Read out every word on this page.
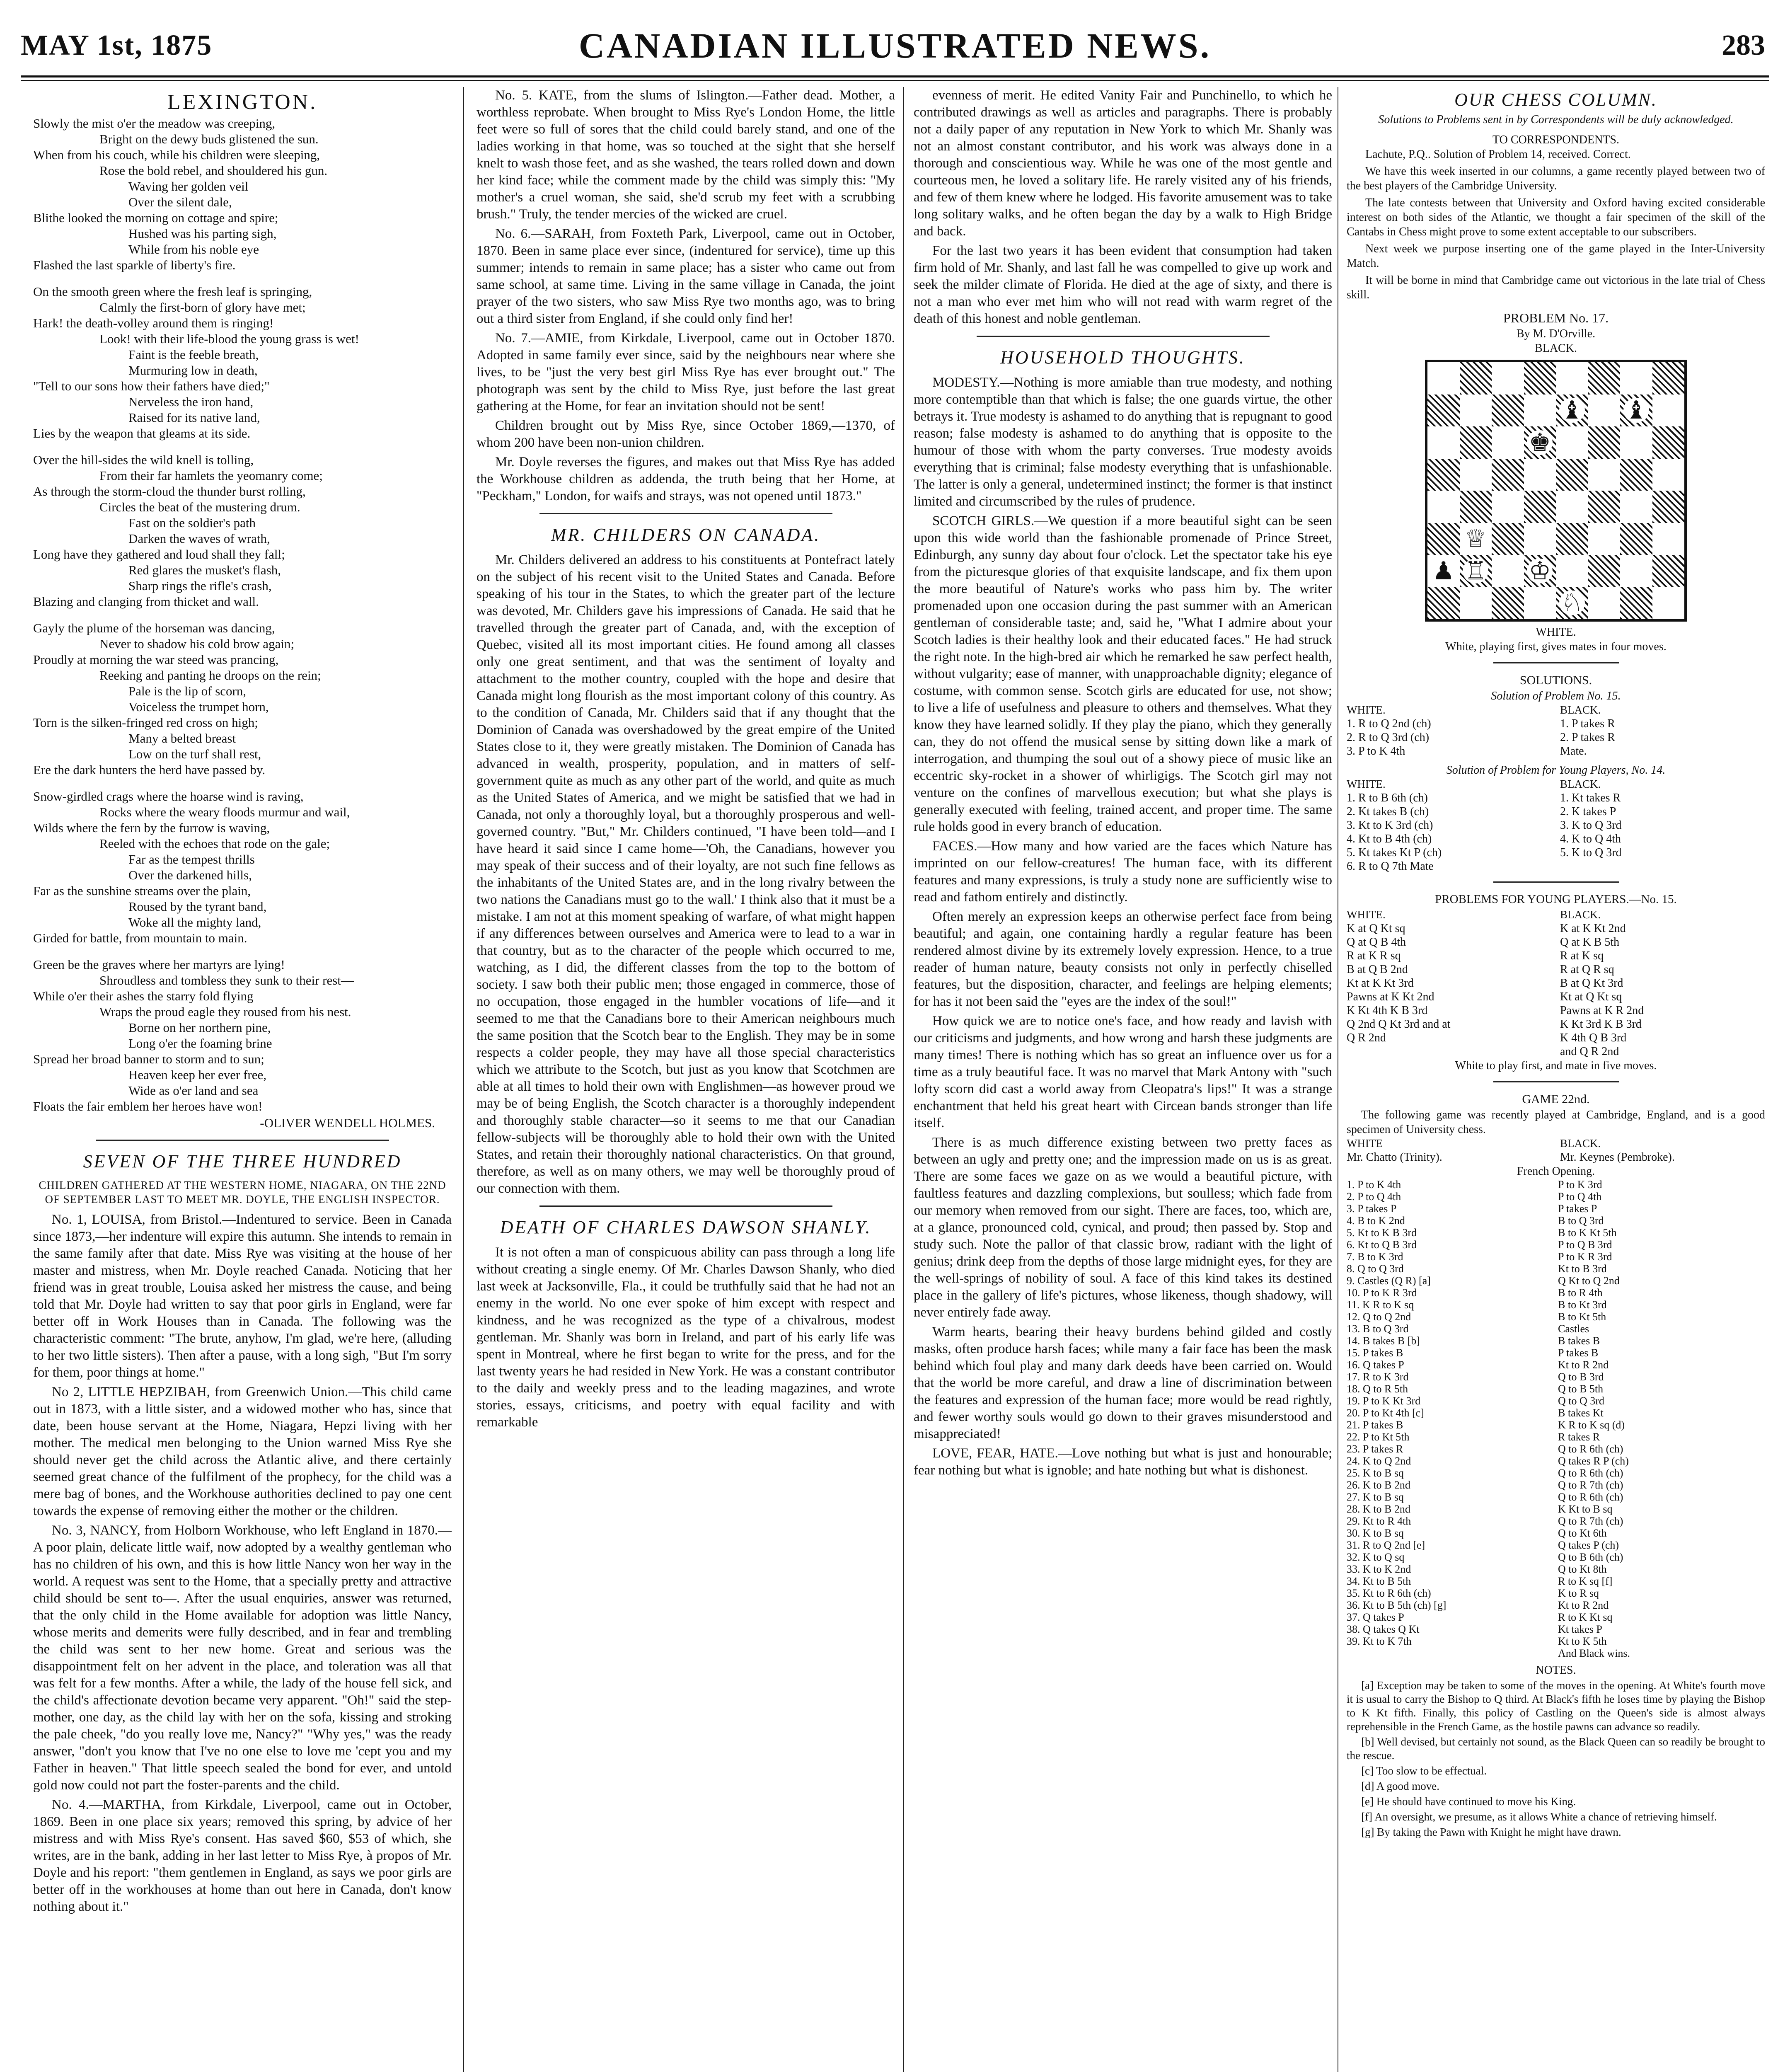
MAY 1st, 1875	CANADIAN ILLUSTRATED NEWS.	283
LEXINGTON.

Slowly the mist o'er the meadow was creeping,

Bright on the dewy buds glistened the sun.

When from his couch, while his children were sleeping,

Rose the bold rebel, and shouldered his gun.

Waving her golden veil

Over the silent dale,

Blithe looked the morning on cottage and spire;

Hushed was his parting sigh,

While from his noble eye

Flashed the last sparkle of liberty's fire.

On the smooth green where the fresh leaf is springing,

Calmly the first-born of glory have met;

Hark! the death-volley around them is ringing!

Look! with their life-blood the young grass is wet!

Faint is the feeble breath,

Murmuring low in death,

"Tell to our sons how their fathers have died;"

Nerveless the iron hand,

Raised for its native land,

Lies by the weapon that gleams at its side.

Over the hill-sides the wild knell is tolling,

From their far hamlets the yeomanry come;

As through the storm-cloud the thunder burst rolling,

Circles the beat of the mustering drum.

Fast on the soldier's path

Darken the waves of wrath,

Long have they gathered and loud shall they fall;

Red glares the musket's flash,

Sharp rings the rifle's crash,

Blazing and clanging from thicket and wall.

Gayly the plume of the horseman was dancing,

Never to shadow his cold brow again;

Proudly at morning the war steed was prancing,

Reeking and panting he droops on the rein;

Pale is the lip of scorn,

Voiceless the trumpet horn,

Torn is the silken-fringed red cross on high;

Many a belted breast

Low on the turf shall rest,

Ere the dark hunters the herd have passed by.

Snow-girdled crags where the hoarse wind is raving,

Rocks where the weary floods murmur and wail,

Wilds where the fern by the furrow is waving,

Reeled with the echoes that rode on the gale;

Far as the tempest thrills

Over the darkened hills,

Far as the sunshine streams over the plain,

Roused by the tyrant band,

Woke all the mighty land,

Girded for battle, from mountain to main.

Green be the graves where her martyrs are lying!

Shroudless and tombless they sunk to their rest—

While o'er their ashes the starry fold flying

Wraps the proud eagle they roused from his nest.

Borne on her northern pine,

Long o'er the foaming brine

Spread her broad banner to storm and to sun;

Heaven keep her ever free,

Wide as o'er land and sea

Floats the fair emblem her heroes have won!

-OLIVER WENDELL HOLMES.
SEVEN OF THE THREE HUNDRED
CHILDREN GATHERED AT THE WESTERN HOME, NIAGARA, ON THE 22ND OF SEPTEMBER LAST TO MEET MR. DOYLE, THE ENGLISH INSPECTOR.

No. 1, LOUISA, from Bristol.—Indentured to service. Been in Canada since 1873,—her indenture will expire this autumn. She intends to remain in the same family after that date. Miss Rye was visiting at the house of her master and mistress, when Mr. Doyle reached Canada. Noticing that her friend was in great trouble, Louisa asked her mistress the cause, and being told that Mr. Doyle had written to say that poor girls in England, were far better off in Work Houses than in Canada. The following was the characteristic comment: "The brute, anyhow, I'm glad, we're here, (alluding to her two little sisters). Then after a pause, with a long sigh, "But I'm sorry for them, poor things at home."

No 2, LITTLE HEPZIBAH, from Greenwich Union.—This child came out in 1873, with a little sister, and a widowed mother who has, since that date, been house servant at the Home, Niagara, Hepzi living with her mother. The medical men belonging to the Union warned Miss Rye she should never get the child across the Atlantic alive, and there certainly seemed great chance of the fulfilment of the prophecy, for the child was a mere bag of bones, and the Workhouse authorities declined to pay one cent towards the expense of removing either the mother or the children.

No. 3, NANCY, from Holborn Workhouse, who left England in 1870.—A poor plain, delicate little waif, now adopted by a wealthy gentleman who has no children of his own, and this is how little Nancy won her way in the world. A request was sent to the Home, that a specially pretty and attractive child should be sent to—. After the usual enquiries, answer was returned, that the only child in the Home available for adoption was little Nancy, whose merits and demerits were fully described, and in fear and trembling the child was sent to her new home. Great and serious was the disappointment felt on her advent in the place, and toleration was all that was felt for a few months. After a while, the lady of the house fell sick, and the child's affectionate devotion became very apparent. "Oh!" said the step-mother, one day, as the child lay with her on the sofa, kissing and stroking the pale cheek, "do you really love me, Nancy?" "Why yes," was the ready answer, "don't you know that I've no one else to love me 'cept you and my Father in heaven." That little speech sealed the bond for ever, and untold gold now could not part the foster-parents and the child.

No. 4.—MARTHA, from Kirkdale, Liverpool, came out in October, 1869. Been in one place six years; removed this spring, by advice of her mistress and with Miss Rye's consent. Has saved $60, $53 of which, she writes, are in the bank, adding in her last letter to Miss Rye, à propos of Mr. Doyle and his report: "them gentlemen in England, as says we poor girls are better off in the workhouses at home than out here in Canada, don't know nothing about it."

No. 5. KATE, from the slums of Islington.—Father dead. Mother, a worthless reprobate. When brought to Miss Rye's London Home, the little feet were so full of sores that the child could barely stand, and one of the ladies working in that home, was so touched at the sight that she herself knelt to wash those feet, and as she washed, the tears rolled down and down her kind face; while the comment made by the child was simply this: "My mother's a cruel woman, she said, she'd scrub my feet with a scrubbing brush." Truly, the tender mercies of the wicked are cruel.

No. 6.—SARAH, from Foxteth Park, Liverpool, came out in October, 1870. Been in same place ever since, (indentured for service), time up this summer; intends to remain in same place; has a sister who came out from same school, at same time. Living in the same village in Canada, the joint prayer of the two sisters, who saw Miss Rye two months ago, was to bring out a third sister from England, if she could only find her!

No. 7.—AMIE, from Kirkdale, Liverpool, came out in October 1870. Adopted in same family ever since, said by the neighbours near where she lives, to be "just the very best girl Miss Rye has ever brought out." The photograph was sent by the child to Miss Rye, just before the last great gathering at the Home, for fear an invitation should not be sent!

Children brought out by Miss Rye, since October 1869,—1370, of whom 200 have been non-union children.

Mr. Doyle reverses the figures, and makes out that Miss Rye has added the Workhouse children as addenda, the truth being that her Home, at "Peckham," London, for waifs and strays, was not opened until 1873."

MR. CHILDERS ON CANADA.

Mr. Childers delivered an address to his constituents at Pontefract lately on the subject of his recent visit to the United States and Canada. Before speaking of his tour in the States, to which the greater part of the lecture was devoted, Mr. Childers gave his impressions of Canada. He said that he travelled through the greater part of Canada, and, with the exception of Quebec, visited all its most important cities. He found among all classes only one great sentiment, and that was the sentiment of loyalty and attachment to the mother country, coupled with the hope and desire that Canada might long flourish as the most important colony of this country. As to the condition of Canada, Mr. Childers said that if any thought that the Dominion of Canada was overshadowed by the great empire of the United States close to it, they were greatly mistaken. The Dominion of Canada has advanced in wealth, prosperity, population, and in matters of self-government quite as much as any other part of the world, and quite as much as the United States of America, and we might be satisfied that we had in Canada, not only a thoroughly loyal, but a thoroughly prosperous and well-governed country. "But," Mr. Childers continued, "I have been told—and I have heard it said since I came home—'Oh, the Canadians, however you may speak of their success and of their loyalty, are not such fine fellows as the inhabitants of the United States are, and in the long rivalry between the two nations the Canadians must go to the wall.' I think also that it must be a mistake. I am not at this moment speaking of warfare, of what might happen if any differences between ourselves and America were to lead to a war in that country, but as to the character of the people which occurred to me, watching, as I did, the different classes from the top to the bottom of society. I saw both their public men; those engaged in commerce, those of no occupation, those engaged in the humbler vocations of life—and it seemed to me that the Canadians bore to their American neighbours much the same position that the Scotch bear to the English. They may be in some respects a colder people, they may have all those special characteristics which we attribute to the Scotch, but just as you know that Scotchmen are able at all times to hold their own with Englishmen—as however proud we may be of being English, the Scotch character is a thoroughly independent and thoroughly stable character—so it seems to me that our Canadian fellow-subjects will be thoroughly able to hold their own with the United States, and retain their thoroughly national characteristics. On that ground, therefore, as well as on many others, we may well be thoroughly proud of our connection with them.

DEATH OF CHARLES DAWSON SHANLY.

It is not often a man of conspicuous ability can pass through a long life without creating a single enemy. Of Mr. Charles Dawson Shanly, who died last week at Jacksonville, Fla., it could be truthfully said that he had not an enemy in the world. No one ever spoke of him except with respect and kindness, and he was recognized as the type of a chivalrous, modest gentleman. Mr. Shanly was born in Ireland, and part of his early life was spent in Montreal, where he first began to write for the press, and for the last twenty years he had resided in New York. He was a constant contributor to the daily and weekly press and to the leading magazines, and wrote stories, essays, criticisms, and poetry with equal facility and with remarkable

evenness of merit. He edited Vanity Fair and Punchinello, to which he contributed drawings as well as articles and paragraphs. There is probably not a daily paper of any reputation in New York to which Mr. Shanly was not an almost constant contributor, and his work was always done in a thorough and conscientious way. While he was one of the most gentle and courteous men, he loved a solitary life. He rarely visited any of his friends, and few of them knew where he lodged. His favorite amusement was to take long solitary walks, and he often began the day by a walk to High Bridge and back.

For the last two years it has been evident that consumption had taken firm hold of Mr. Shanly, and last fall he was compelled to give up work and seek the milder climate of Florida. He died at the age of sixty, and there is not a man who ever met him who will not read with warm regret of the death of this honest and noble gentleman.

HOUSEHOLD THOUGHTS.

MODESTY.—Nothing is more amiable than true modesty, and nothing more contemptible than that which is false; the one guards virtue, the other betrays it. True modesty is ashamed to do anything that is repugnant to good reason; false modesty is ashamed to do anything that is opposite to the humour of those with whom the party converses. True modesty avoids everything that is criminal; false modesty everything that is unfashionable. The latter is only a general, undetermined instinct; the former is that instinct limited and circumscribed by the rules of prudence.

SCOTCH GIRLS.—We question if a more beautiful sight can be seen upon this wide world than the fashionable promenade of Prince Street, Edinburgh, any sunny day about four o'clock. Let the spectator take his eye from the picturesque glories of that exquisite landscape, and fix them upon the more beautiful of Nature's works who pass him by. The writer promenaded upon one occasion during the past summer with an American gentleman of considerable taste; and, said he, "What I admire about your Scotch ladies is their healthy look and their educated faces." He had struck the right note. In the high-bred air which he remarked he saw perfect health, without vulgarity; ease of manner, with unapproachable dignity; elegance of costume, with common sense. Scotch girls are educated for use, not show; to live a life of usefulness and pleasure to others and themselves. What they know they have learned solidly. If they play the piano, which they generally can, they do not offend the musical sense by sitting down like a mark of interrogation, and thumping the soul out of a showy piece of music like an eccentric sky-rocket in a shower of whirligigs. The Scotch girl may not venture on the confines of marvellous execution; but what she plays is generally executed with feeling, trained accent, and proper time. The same rule holds good in every branch of education.

FACES.—How many and how varied are the faces which Nature has imprinted on our fellow-creatures! The human face, with its different features and many expressions, is truly a study none are sufficiently wise to read and fathom entirely and distinctly.

Often merely an expression keeps an otherwise perfect face from being beautiful; and again, one containing hardly a regular feature has been rendered almost divine by its extremely lovely expression. Hence, to a true reader of human nature, beauty consists not only in perfectly chiselled features, but the disposition, character, and feelings are helping elements; for has it not been said the "eyes are the index of the soul!"

How quick we are to notice one's face, and how ready and lavish with our criticisms and judgments, and how wrong and harsh these judgments are many times! There is nothing which has so great an influence over us for a time as a truly beautiful face. It was no marvel that Mark Antony with "such lofty scorn did cast a world away from Cleopatra's lips!" It was a strange enchantment that held his great heart with Circean bands stronger than life itself.

There is as much difference existing between two pretty faces as between an ugly and pretty one; and the impression made on us is as great. There are some faces we gaze on as we would a beautiful picture, with faultless features and dazzling complexions, but soulless; which fade from our memory when removed from our sight. There are faces, too, which are, at a glance, pronounced cold, cynical, and proud; then passed by. Stop and study such. Note the pallor of that classic brow, radiant with the light of genius; drink deep from the depths of those large midnight eyes, for they are the well-springs of nobility of soul. A face of this kind takes its destined place in the gallery of life's pictures, whose likeness, though shadowy, will never entirely fade away.

Warm hearts, bearing their heavy burdens behind gilded and costly masks, often produce harsh faces; while many a fair face has been the mask behind which foul play and many dark deeds have been carried on. Would that the world be more careful, and draw a line of discrimination between the features and expression of the human face; more would be read rightly, and fewer worthy souls would go down to their graves misunderstood and misappreciated!

LOVE, FEAR, HATE.—Love nothing but what is just and honourable; fear nothing but what is ignoble; and hate nothing but what is dishonest.

OUR CHESS COLUMN.
Solutions to Problems sent in by Correspondents will be duly acknowledged.
TO CORRESPONDENTS.

Lachute, P.Q.. Solution of Problem 14, received. Correct.

We have this week inserted in our columns, a game recently played between two of the best players of the Cambridge University.

The late contests between that University and Oxford having excited considerable interest on both sides of the Atlantic, we thought a fair specimen of the skill of the Cantabs in Chess might prove to some extent acceptable to our subscribers.

Next week we purpose inserting one of the game played in the Inter-University Match.

It will be borne in mind that Cambridge came out victorious in the late trial of Chess skill.

PROBLEM No. 17.
By M. D'Orville.
BLACK.
♝ ♝
♚
♕
♟ ♖ ♔
♘
WHITE.
White, playing first, gives mates in four moves.
SOLUTIONS.
Solution of Problem No. 15.
WHITE.	BLACK.
1. R to Q 2nd (ch)	1. P takes R
2. R to Q 3rd (ch)	2. P takes R
3. P to K 4th	Mate.
Solution of Problem for Young Players, No. 14.
WHITE.	BLACK.
1. R to B 6th (ch)	1. Kt takes R
2. Kt takes B (ch)	2. K takes P
3. Kt to K 3rd (ch)	3. K to Q 3rd
4. Kt to B 4th (ch)	4. K to Q 4th
5. Kt takes Kt P (ch)	5. K to Q 3rd
6. R to Q 7th Mate
PROBLEMS FOR YOUNG PLAYERS.—No. 15.
WHITE.	BLACK.
K at Q Kt sq	K at K Kt 2nd
Q at Q B 4th	Q at K B 5th
R at K R sq	R at K sq
B at Q B 2nd	R at Q R sq
Kt at K Kt 3rd	B at Q Kt 3rd
Pawns at K Kt 2nd	Kt at Q Kt sq
K Kt 4th K B 3rd	Pawns at K R 2nd
Q 2nd Q Kt 3rd and at	K Kt 3rd K B 3rd
Q R 2nd	K 4th Q B 3rd
and Q R 2nd
White to play first, and mate in five moves.
GAME 22nd.
The following game was recently played at Cambridge, England, and is a good specimen of University chess.
WHITE	BLACK.
Mr. Chatto (Trinity).	Mr. Keynes (Pembroke).
French Opening.
1. P to K 4th	P to K 3rd
2. P to Q 4th	P to Q 4th
3. P takes P	P takes P
4. B to K 2nd	B to Q 3rd
5. Kt to K B 3rd	B to K Kt 5th
6. Kt to Q B 3rd	P to Q B 3rd
7. B to K 3rd	P to K R 3rd
8. Q to Q 3rd	Kt to B 3rd
9. Castles (Q R) [a]	Q Kt to Q 2nd
10. P to K R 3rd	B to R 4th
11. K R to K sq	B to Kt 3rd
12. Q to Q 2nd	B to Kt 5th
13. B to Q 3rd	Castles
14. B takes B [b]	B takes B
15. P takes B	P takes B
16. Q takes P	Kt to R 2nd
17. R to K 3rd	Q to B 3rd
18. Q to R 5th	Q to B 5th
19. P to K Kt 3rd	Q to Q 3rd
20. P to Kt 4th [c]	B takes Kt
21. P takes B	K R to K sq (d)
22. P to Kt 5th	R takes R
23. P takes R	Q to R 6th (ch)
24. K to Q 2nd	Q takes R P (ch)
25. K to B sq	Q to R 6th (ch)
26. K to B 2nd	Q to R 7th (ch)
27. K to B sq	Q to R 6th (ch)
28. K to B 2nd	K Kt to B sq
29. Kt to R 4th	Q to R 7th (ch)
30. K to B sq	Q to Kt 6th
31. R to Q 2nd [e]	Q takes P (ch)
32. K to Q sq	Q to B 6th (ch)
33. K to K 2nd	Q to Kt 8th
34. Kt to B 5th	R to K sq [f]
35. Kt to R 6th (ch)	K to R sq
36. Kt to B 5th (ch) [g]	Kt to R 2nd
37. Q takes P	R to K Kt sq
38. Q takes Q Kt	Kt takes P
39. Kt to K 7th	Kt to K 5th
And Black wins.
NOTES.

[a] Exception may be taken to some of the moves in the opening. At White's fourth move it is usual to carry the Bishop to Q third. At Black's fifth he loses time by playing the Bishop to K Kt fifth. Finally, this policy of Castling on the Queen's side is almost always reprehensible in the French Game, as the hostile pawns can advance so readily.

[b] Well devised, but certainly not sound, as the Black Queen can so readily be brought to the rescue.

[c] Too slow to be effectual.

[d] A good move.

[e] He should have continued to move his King.

[f] An oversight, we presume, as it allows White a chance of retrieving himself.

[g] By taking the Pawn with Knight he might have drawn.
